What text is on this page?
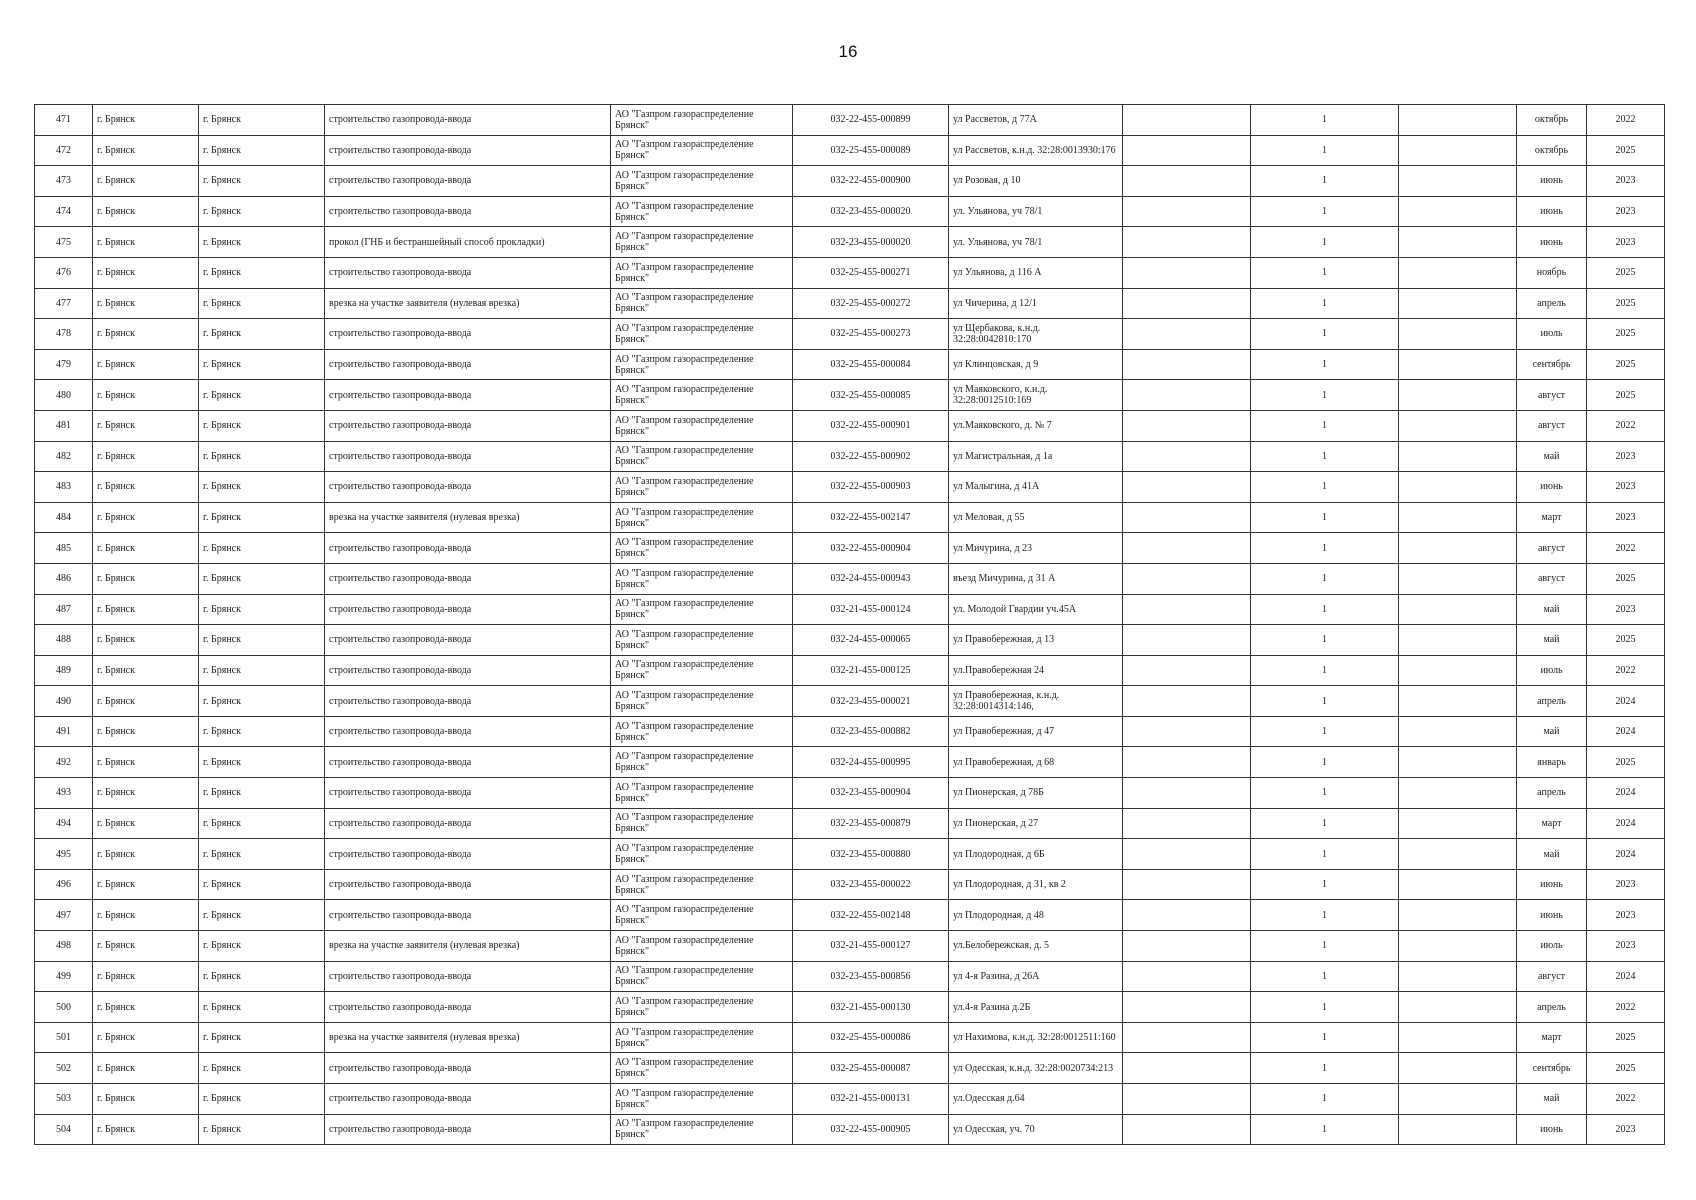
16
471	г. Брянск	г. Брянск	строительство газопровода-ввода	АО "Газпром газораспределение Брянск"	032-22-455-000899	ул Рассветов, д 77А		1		октябрь	2022
472	г. Брянск	г. Брянск	строительство газопровода-ввода	АО "Газпром газораспределение Брянск"	032-25-455-000089	ул Рассветов, к.н.д. 32:28:0013930:176		1		октябрь	2025
473	г. Брянск	г. Брянск	строительство газопровода-ввода	АО "Газпром газораспределение Брянск"	032-22-455-000900	ул Розовая, д 10		1		июнь	2023
474	г. Брянск	г. Брянск	строительство газопровода-ввода	АО "Газпром газораспределение Брянск"	032-23-455-000020	ул. Ульянова, уч 78/1		1		июнь	2023
475	г. Брянск	г. Брянск	прокол (ГНБ и бестраншейный способ прокладки)	АО "Газпром газораспределение Брянск"	032-23-455-000020	ул. Ульянова, уч 78/1		1		июнь	2023
476	г. Брянск	г. Брянск	строительство газопровода-ввода	АО "Газпром газораспределение Брянск"	032-25-455-000271	ул Ульянова, д 116 А		1		ноябрь	2025
477	г. Брянск	г. Брянск	врезка на участке заявителя (нулевая врезка)	АО "Газпром газораспределение Брянск"	032-25-455-000272	ул Чичерина, д 12/1		1		апрель	2025
478	г. Брянск	г. Брянск	строительство газопровода-ввода	АО "Газпром газораспределение Брянск"	032-25-455-000273	ул Щербакова, к.н.д. 32:28:0042810:170		1		июль	2025
479	г. Брянск	г. Брянск	строительство газопровода-ввода	АО "Газпром газораспределение Брянск"	032-25-455-000084	ул Клинцовская, д 9		1		сентябрь	2025
480	г. Брянск	г. Брянск	строительство газопровода-ввода	АО "Газпром газораспределение Брянск"	032-25-455-000085	ул Маяковского, к.н.д. 32:28:0012510:169		1		август	2025
481	г. Брянск	г. Брянск	строительство газопровода-ввода	АО "Газпром газораспределение Брянск"	032-22-455-000901	ул.Маяковского, д. № 7		1		август	2022
482	г. Брянск	г. Брянск	строительство газопровода-ввода	АО "Газпром газораспределение Брянск"	032-22-455-000902	ул Магистральная, д 1а		1		май	2023
483	г. Брянск	г. Брянск	строительство газопровода-ввода	АО "Газпром газораспределение Брянск"	032-22-455-000903	ул Малыгина, д 41А		1		июнь	2023
484	г. Брянск	г. Брянск	врезка на участке заявителя (нулевая врезка)	АО "Газпром газораспределение Брянск"	032-22-455-002147	ул Меловая, д 55		1		март	2023
485	г. Брянск	г. Брянск	строительство газопровода-ввода	АО "Газпром газораспределение Брянск"	032-22-455-000904	ул Мичурина, д 23		1		август	2022
486	г. Брянск	г. Брянск	строительство газопровода-ввода	АО "Газпром газораспределение Брянск"	032-24-455-000943	въезд Мичурина, д 31 А		1		август	2025
487	г. Брянск	г. Брянск	строительство газопровода-ввода	АО "Газпром газораспределение Брянск"	032-21-455-000124	ул. Молодой Гвардии уч.45А		1		май	2023
488	г. Брянск	г. Брянск	строительство газопровода-ввода	АО "Газпром газораспределение Брянск"	032-24-455-000065	ул Правобережная, д 13		1		май	2025
489	г. Брянск	г. Брянск	строительство газопровода-ввода	АО "Газпром газораспределение Брянск"	032-21-455-000125	ул.Правобережная 24		1		июль	2022
490	г. Брянск	г. Брянск	строительство газопровода-ввода	АО "Газпром газораспределение Брянск"	032-23-455-000021	ул Правобережная, к.н.д. 32:28:0014314:146,		1		апрель	2024
491	г. Брянск	г. Брянск	строительство газопровода-ввода	АО "Газпром газораспределение Брянск"	032-23-455-000882	ул Правобережная, д 47		1		май	2024
492	г. Брянск	г. Брянск	строительство газопровода-ввода	АО "Газпром газораспределение Брянск"	032-24-455-000995	ул Правобережная, д 68		1		январь	2025
493	г. Брянск	г. Брянск	строительство газопровода-ввода	АО "Газпром газораспределение Брянск"	032-23-455-000904	ул Пионерская, д 78Б		1		апрель	2024
494	г. Брянск	г. Брянск	строительство газопровода-ввода	АО "Газпром газораспределение Брянск"	032-23-455-000879	ул Пионерская, д 27		1		март	2024
495	г. Брянск	г. Брянск	строительство газопровода-ввода	АО "Газпром газораспределение Брянск"	032-23-455-000880	ул Плодородная, д 6Б		1		май	2024
496	г. Брянск	г. Брянск	строительство газопровода-ввода	АО "Газпром газораспределение Брянск"	032-23-455-000022	ул Плодородная, д 31, кв 2		1		июнь	2023
497	г. Брянск	г. Брянск	строительство газопровода-ввода	АО "Газпром газораспределение Брянск"	032-22-455-002148	ул Плодородная, д 48		1		июнь	2023
498	г. Брянск	г. Брянск	врезка на участке заявителя (нулевая врезка)	АО "Газпром газораспределение Брянск"	032-21-455-000127	ул.Белобережская, д. 5		1		июль	2023
499	г. Брянск	г. Брянск	строительство газопровода-ввода	АО "Газпром газораспределение Брянск"	032-23-455-000856	ул 4-я Разина, д 26А		1		август	2024
500	г. Брянск	г. Брянск	строительство газопровода-ввода	АО "Газпром газораспределение Брянск"	032-21-455-000130	ул.4-я Разина д.2Б		1		апрель	2022
501	г. Брянск	г. Брянск	врезка на участке заявителя (нулевая врезка)	АО "Газпром газораспределение Брянск"	032-25-455-000086	ул Нахимова, к.н.д. 32:28:0012511:160		1		март	2025
502	г. Брянск	г. Брянск	строительство газопровода-ввода	АО "Газпром газораспределение Брянск"	032-25-455-000087	ул Одесская, к.н.д. 32:28:0020734:213		1		сентябрь	2025
503	г. Брянск	г. Брянск	строительство газопровода-ввода	АО "Газпром газораспределение Брянск"	032-21-455-000131	ул.Одесская д.64		1		май	2022
504	г. Брянск	г. Брянск	строительство газопровода-ввода	АО "Газпром газораспределение Брянск"	032-22-455-000905	ул Одесская, уч. 70		1		июнь	2023
